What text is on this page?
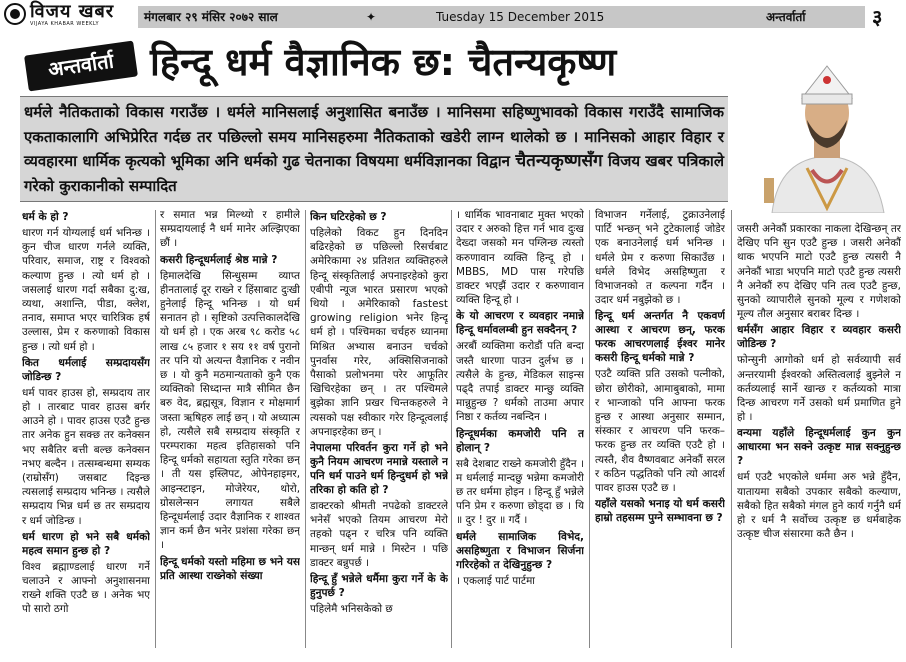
विजय खबर
VIJAYA KHABAR WEEKLY	मंगलबार २९ मंसिर २०७२ साल	✦	Tuesday 15 December 2015	अन्तर्वार्ता	३
अन्तर्वार्ता हिन्दू धर्म वैज्ञानिक छ: चैतन्यकृष्ण

धर्मले नैतिकताको विकास गराउँछ । धर्मले मानिसलाई अनुशासित बनाउँछ । मानिसमा सहिष्णुभावको विकास गराउँदै सामाजिक एकताकालागि अभिप्रेरित गर्दछ तर पछिल्लो समय मानिसहरुमा नैतिकताको खडेरी लाग्न थालेको छ । मानिसको आहार विहार र व्यवहारमा धार्मिक कृत्यको भूमिका अनि धर्मको गुढ चेतनाका विषयमा धर्मविज्ञानका विद्वान चैतन्यकृष्णसँग विजय खबर पत्रिकाले गरेको कुराकानीको सम्पादित

धर्म के हो ?

धारण गर्न योग्यलाई धर्म भनिन्छ । कुन चीज धारण गर्नले व्यक्ति, परिवार, समाज, राष्ट्र र विश्वको कल्याण हुन्छ । त्यो धर्म हो । जसलाई धारण गर्दा सबैका दु:ख, व्यथा, अशान्ति, पीडा, क्लेश, तनाव, समाप्त भएर चारित्रिक हर्ष उल्लास, प्रेम र करुणाको विकास हुन्छ । त्यो धर्म हो ।

कित धर्मलाई सम्प्रदायसँग जोडिन्छ ?

धर्म पावर हाउस हो, सम्प्रदाय तार हो । तारबाट पावर हाउस बर्गर आउने हो । पावर हाउस एउटै हुन्छ तार अनेक हुन सक्छ तर कनेक्सन भए सबैतिर बत्ती बल्छ कनेक्सन नभए बल्दैन । तत्सम्बन्धमा सम्यक (राम्रोसँग) जसबाट दिइन्छ त्यसलाई सम्प्रदाय भनिन्छ । त्यसैले सम्प्रदाय भिन्न धर्म छ तर सम्प्रदाय र धर्म जोडिन्छ ।

धर्म धारण हो भने सबै धर्मको महत्व समान हुन्छ हो ?

विश्व ब्रह्माण्डलाई धारण गर्ने चलाउने र आफ्नो अनुशासनमा राख्ने शक्ति एउटै छ । अनेक भए पो सारो ठगो

र समात भन्न मिल्थ्यो र हामीले सम्प्रदायलाई नै धर्म मानेर अल्झिएका छौं ।

कसरी हिन्दूधर्मलाई श्रेष्ठ मान्ने ?

हिमालदेखि सिन्धुसम्म व्याप्त हीनतालाई दूर राख्ने र हिंसाबाट दुःखी हुनेलाई हिन्दू भनिन्छ । यो धर्म सनातन हो । सृष्टिको उत्पत्तिकालदेखि यो धर्म हो । एक अरब ९८ करोड ५८ लाख ८५ हजार १ सय ११ वर्ष पुरानो तर पनि यो अत्यन्त वैज्ञानिक र नवीन छ । यो कुनै मठमान्यताको कुनै एक व्यक्तिको सिध्दान्त मात्रै सीमित छैन बरु वेद, ब्रह्मसूत्र, विज्ञान र मोक्षमार्ग जस्ता ऋषिहरु लाई छन् । यो अध्यात्म हो, त्यसैले सबै सम्प्रदाय संस्कृति र परम्पराका महत्व इतिहासको पनि हिन्दू धर्मको सहायता स्तुति गरेका छन् । ती यस इस्लिपट, ओपेनहाइमर, आइन्स्टाइन, मोजेरेयर, थोरो, ग्रोसलेन्सन लगायत सबैले हिन्दूधर्मलाई उदार वैज्ञानिक र शाश्वत ज्ञान कर्म छैन भनेर प्रशंसा गरेका छन् ।

हिन्दू धर्मको यस्तो महिमा छ भने यस प्रति आस्था राख्नेको संख्या

किन घटिरहेको छ ?

पहिलेको विकट हुन दिनदिन बढिरहेको छ पछिल्लो रिसर्चबाट अमेरिकामा २४ प्रतिशत व्यक्तिहरुले हिन्दू संस्कृतिलाई अपनाइरहेको कुरा एबीपी न्यूज भारत प्रसारण भएको थियो । अमेरिकाको fastest growing religion भनेर हिन्दू धर्म हो । पश्चिमका चर्चहरु ध्यानमा मिश्रित अभ्यास बनाउन चर्चको पुनर्वास गरेर, अक्सिसिजनाको पैसाको प्रलोभनमा परेर आफूतिर खिचिरहेका छन् । तर पश्चिमले बुझेका ज्ञानि प्रखर चिन्तकहरुले ने त्यसको पक्ष स्वीकार गरेर हिन्दूत्वलाई अपनाइरहेका छन् ।

नेपालमा परिवर्तन कुरा गर्ने हो भने कुनै नियम आचरण नमान्ने यस्ताले न पनि धर्म पाउने धर्म हिन्दुधर्म हो भन्ने तरिका हो कति हो ?

डाक्टरको श्रीमती नपढेको डाक्टरले भनेसँ भएको तियम आचरण मेरो तहको पढ्न र चरित्र पनि व्यक्ति मान्छन् धर्म मान्ने । मिस्टेन । पछि डाक्टर बन्नुपर्छ ।

हिन्दू हुँ भन्नेले धर्मैमा कुरा गर्ने के के हुनुपर्छ ?

पहिलेमै भनिसकेको छ

। धार्मिक भावनाबाट मुक्त भएको उदार र अरुको हित्त गर्न भाव दुःख देख्दा जसको मन पग्लिन्छ त्यस्तो करुणावान व्यक्ति हिन्दू हो । MBBS, MD पास गरेपछि डाक्टर भएझैं उदार र करुणावान व्यक्ति हिन्दू हो ।

के यो आचरण र व्यवहार नमान्ने हिन्दू धर्मावलम्बी हुन सक्दैनन् ?

अरबौं व्यक्तिमा करोडौं पति बन्दा जस्तै धारणा पाउन दुर्लभ छ । त्यसैले के हुन्छ, मेडिकल साइन्स पढ्दै तपाई डाक्टर मान्छु व्यक्ति मान्नुहुन्छ ? धर्मको ताउमा अपार निष्ठा र कर्तव्य नबन्दिन ।

हिन्दूधर्मका कमजोरी पनि त होलान् ?

सबै देशबाट राख्ने कमजोरी हुँदैन । म धर्मलाई मान्दछु भन्नेमा कमजोरी छ तर धर्ममा होइन । हिन्दू हुँ भन्नेले पनि प्रेम र करुणा छोड्दा छ । यि ॥ दुर ! दुर ॥ गर्दै ।

धर्मले सामाजिक विभेद, असहिष्णुता र विभाजन सिर्जना गरिरहेको त देखिनुहुन्छ ?

। एकलाई पार्ट पार्टमा

विभाजन गर्नेलाई, टुक्राउनेलाई पार्टि भन्छन् भने टुटेकालाई जोडेर एक बनाउनेलाई धर्म भनिन्छ । धर्मले प्रेम र करुणा सिकाउँछ । धर्मले विभेद असहिष्णुता र विभाजनको त कल्पना गर्दैन । उदार धर्म नबुझेको छ ।

हिन्दू धर्म अन्तर्गत नै एकवर्ण आस्था र आचरण छन्, फरक फरक आचरणलाई ईश्वर मानेर कसरी हिन्दू धर्मको मान्ने ?

एउटै व्यक्ति प्रति उसको पत्नीको, छोरा छोरीको, आमाबुबाको, मामा र भान्जाको पनि आफ्ना फरक हुन्छ र आस्था अनुसार सम्मान, संस्कार र आचरण पनि फरक–फरक हुन्छ तर व्यक्ति एउटै हो । त्यस्तै, शैव वैष्णवबाट अनेकौं सरल र कठिन पद्धतिको पनि त्यो आदर्श पावर हाउस एउटै छ ।

यहाँले यसको भनाइ यो धर्म कसरी हाम्रो तहसम्म पुग्ने सम्भावना छ ?

जसरी अनेकौं प्रकारका नाकला देखिन्छन् तर देखिए पनि सुन एउटै हुन्छ । जसरी अनेकौं थाक भएपनि माटो एउटै हुन्छ त्यसरी नै अनेकौं भाडा भएपनि माटो एउटै हुन्छ त्यसरी नै अनेकौं रुप देखिए पनि तत्व एउटै हुन्छ, सुनको व्यापारीले सुनको मूल्य र गणेशको मूल्य तौल अनुसार बराबर दिन्छ ।

धर्मसँग आहार विहार र व्यवहार कसरी जोडिन्छ ?

फोन्सुनी आगोको धर्म हो सर्वव्यापी सर्व अन्तरयामी ईश्वरको अस्तित्वलाई बुझ्नेले न कर्तव्यलाई सार्ने खान्छ र कर्तव्यको मात्रा दिन्छ आचरण गर्ने उसको धर्म प्रमाणित हुने हो ।

वन्यमा यहाँले हिन्दूधर्मलाई कुन कुन आधारमा भन सक्ने उत्कृष्ट मान्न सक्नुहुन्छ ?

धर्म एउटै भएकोले धर्ममा अरु भन्ने हुँदैन, यातायमा सबैको उपकार सबैको कल्याण, सबैको हित सबैको मंगल हुने कार्य गर्नुनै धर्म हो र धर्म नै सर्वोच्च उत्कृष्ट छ धर्मबाहेक उत्कृष्ट चीज संसारमा कतै छैन ।
